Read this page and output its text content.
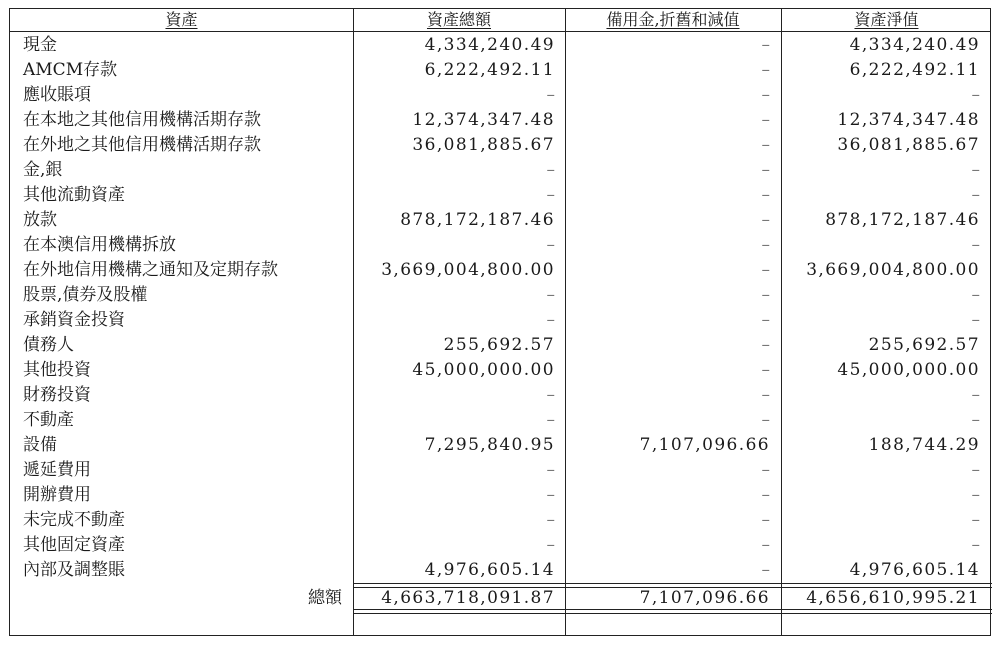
資產	資產總額	備用金,折舊和減值	資產淨值
現金	4,334,240.49	–	4,334,240.49
AMCM存款	6,222,492.11	–	6,222,492.11
應收賬項	–	–	–
在本地之其他信用機構活期存款	12,374,347.48	–	12,374,347.48
在外地之其他信用機構活期存款	36,081,885.67	–	36,081,885.67
金,銀	–	–	–
其他流動資產	–	–	–
放款	878,172,187.46	–	878,172,187.46
在本澳信用機構拆放	–	–	–
在外地信用機構之通知及定期存款	3,669,004,800.00	–	3,669,004,800.00
股票,債券及股權	–	–	–
承銷資金投資	–	–	–
債務人	255,692.57	–	255,692.57
其他投資	45,000,000.00	–	45,000,000.00
財務投資	–	–	–
不動產	–	–	–
設備	7,295,840.95	7,107,096.66	188,744.29
遞延費用	–	–	–
開辦費用	–	–	–
未完成不動產	–	–	–
其他固定資產	–	–	–
內部及調整賬	4,976,605.14	–	4,976,605.14
總額	4,663,718,091.87	7,107,096.66	4,656,610,995.21
